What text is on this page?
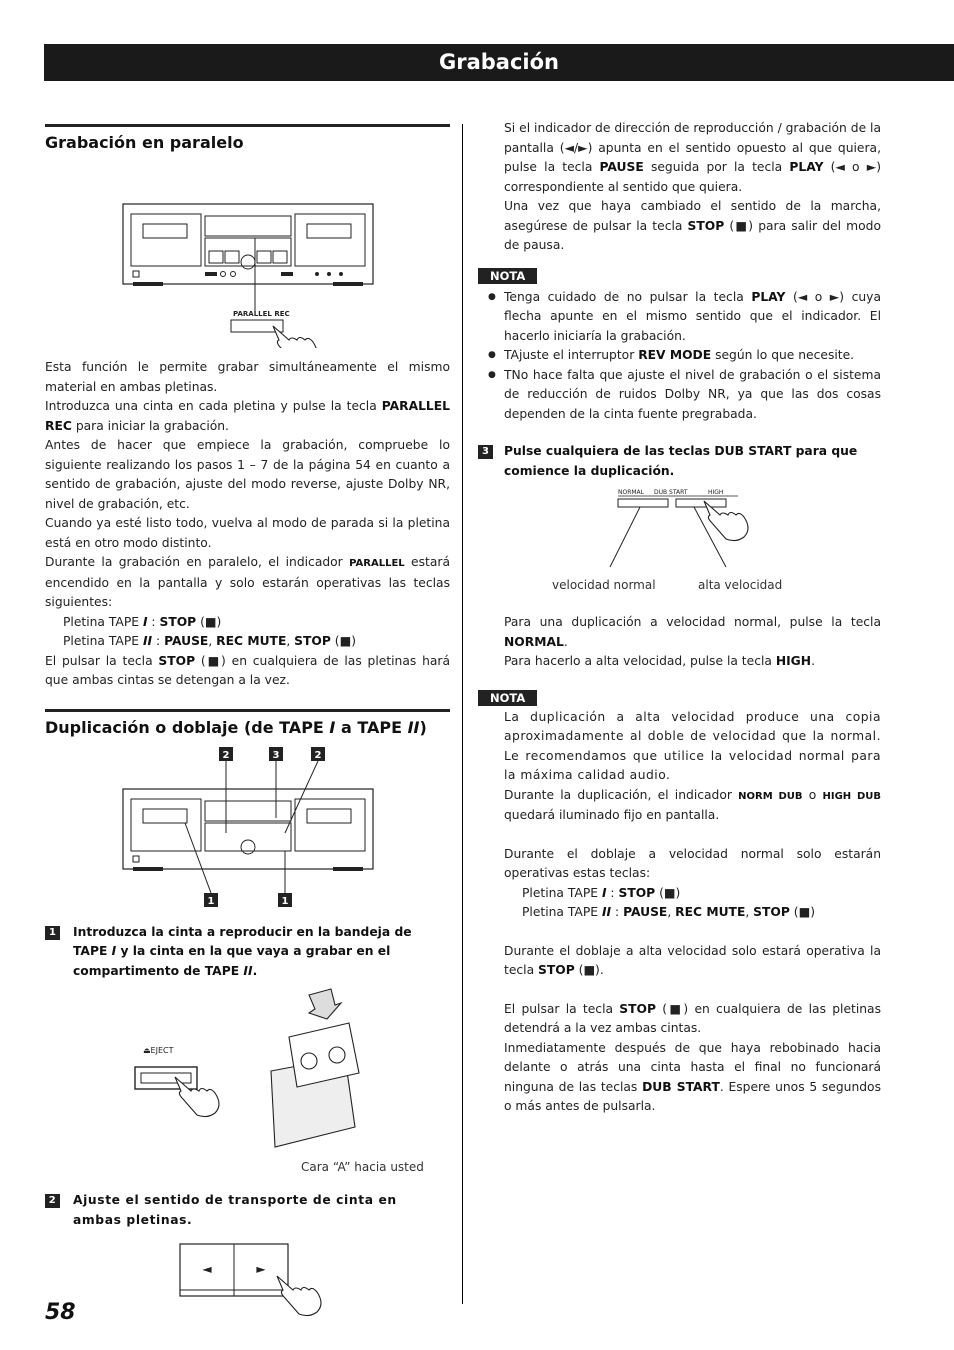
Grabación
Grabación en paralelo
PARALLEL REC

Esta función le permite grabar simultáneamente el mismo material en ambas pletinas.

Introduzca una cinta en cada pletina y pulse la tecla PARALLEL REC para iniciar la grabación.

Antes de hacer que empiece la grabación, compruebe lo siguiente realizando los pasos 1 – 7 de la página 54 en cuanto a sentido de grabación, ajuste del modo reverse, ajuste Dolby NR, nivel de grabación, etc.

Cuando ya esté listo todo, vuelva al modo de parada si la pletina está en otro modo distinto.

Durante la grabación en paralelo, el indicador PARALLEL estará encendido en la pantalla y solo estarán operativas las teclas siguientes:

Pletina TAPE I : STOP (■)

Pletina TAPE II : PAUSE, REC MUTE, STOP (■)

El pulsar la tecla STOP (■) en cualquiera de las pletinas hará que ambas cintas se detengan a la vez.

Duplicación o doblaje (de TAPE I a TAPE II)
2	3	2
1	1
1	Introduzca la cinta a reproducir en la bandeja de TAPE I y la cinta en la que vaya a grabar en el compartimento de TAPE II.
⏏EJECT
Cara “A” hacia usted
2	Ajuste el sentido de transporte de cinta en ambas pletinas.
◄	►

Si el indicador de dirección de reproducción / grabación de la pantalla (◄/►) apunta en el sentido opuesto al que quiera, pulse la tecla PAUSE seguida por la tecla PLAY (◄ o ►) correspondiente al sentido que quiera.

Una vez que haya cambiado el sentido de la marcha, asegúrese de pulsar la tecla STOP (■) para salir del modo de pausa.

NOTA

● Tenga cuidado de no pulsar la tecla PLAY (◄ o ►) cuya flecha apunte en el mismo sentido que el indicador. El hacerlo iniciaría la grabación.

● TAjuste el interruptor REV MODE según lo que necesite.

● TNo hace falta que ajuste el nivel de grabación o el sistema de reducción de ruidos Dolby NR, ya que las dos cosas dependen de la cinta fuente pregrabada.

3	Pulse cualquiera de las teclas DUB START para que comience la duplicación.
NORMAL DUB START	HIGH
velocidad normal	alta velocidad

Para una duplicación a velocidad normal, pulse la tecla NORMAL.

Para hacerlo a alta velocidad, pulse la tecla HIGH.

NOTA

La duplicación a alta velocidad produce una copia aproximadamente al doble de velocidad que la normal. Le recomendamos que utilice la velocidad normal para la máxima calidad audio.

Durante la duplicación, el indicador NORM DUB o HIGH DUB quedará iluminado fijo en pantalla.

Durante el doblaje a velocidad normal solo estarán operativas estas teclas:

Pletina TAPE I : STOP (■)

Pletina TAPE II : PAUSE, REC MUTE, STOP (■)

Durante el doblaje a alta velocidad solo estará operativa la tecla STOP (■).

El pulsar la tecla STOP (■) en cualquiera de las pletinas detendrá a la vez ambas cintas.

Inmediatamente después de que haya rebobinado hacia delante o atrás una cinta hasta el final no funcionará ninguna de las teclas DUB START. Espere unos 5 segundos o más antes de pulsarla.

58
